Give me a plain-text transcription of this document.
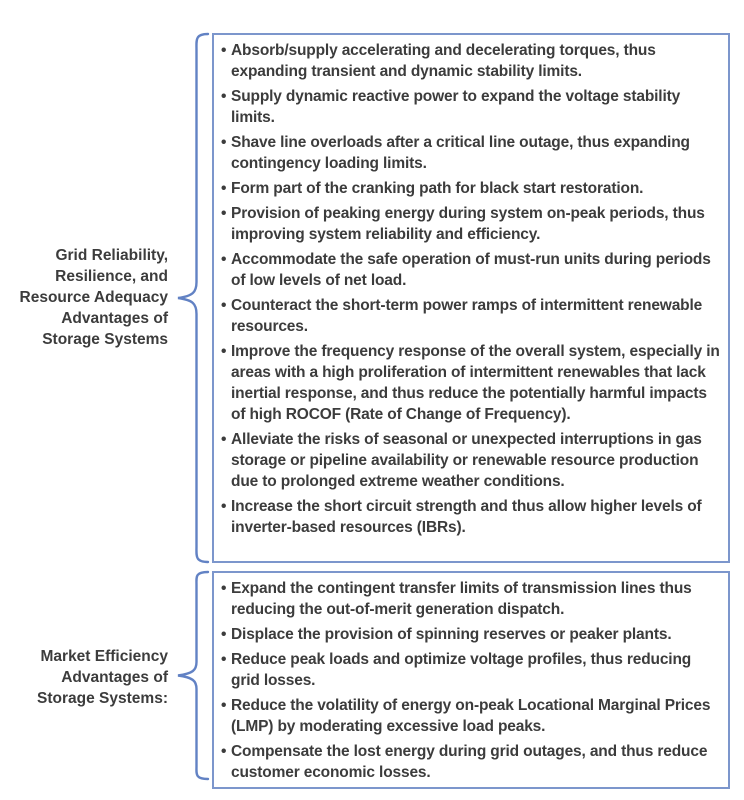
Grid Reliability,
Resilience, and
Resource Adequacy
Advantages of
Storage Systems
• Absorb/supply accelerating and decelerating torques, thus expanding transient and dynamic stability limits.
• Supply dynamic reactive power to expand the voltage stability limits.
• Shave line overloads after a critical line outage, thus expanding contingency loading limits.
• Form part of the cranking path for black start restoration.
• Provision of peaking energy during system on-peak periods, thus improving system reliability and efficiency.
• Accommodate the safe operation of must-run units during periods of low levels of net load.
• Counteract the short-term power ramps of intermittent renewable resources.
• Improve the frequency response of the overall system, especially in areas with a high proliferation of intermittent renewables that lack inertial response, and thus reduce the potentially harmful impacts of high ROCOF (Rate of Change of Frequency).
• Alleviate the risks of seasonal or unexpected interruptions in gas storage or pipeline availability or renewable resource production due to prolonged extreme weather conditions.
• Increase the short circuit strength and thus allow higher levels of inverter-based resources (IBRs).
Market Efficiency
Advantages of
Storage Systems:
• Expand the contingent transfer limits of transmission lines thus reducing the out-of-merit generation dispatch.
• Displace the provision of spinning reserves or peaker plants.
• Reduce peak loads and optimize voltage profiles, thus reducing grid losses.
• Reduce the volatility of energy on-peak Locational Marginal Prices (LMP) by moderating excessive load peaks.
• Compensate the lost energy during grid outages, and thus reduce customer economic losses.
